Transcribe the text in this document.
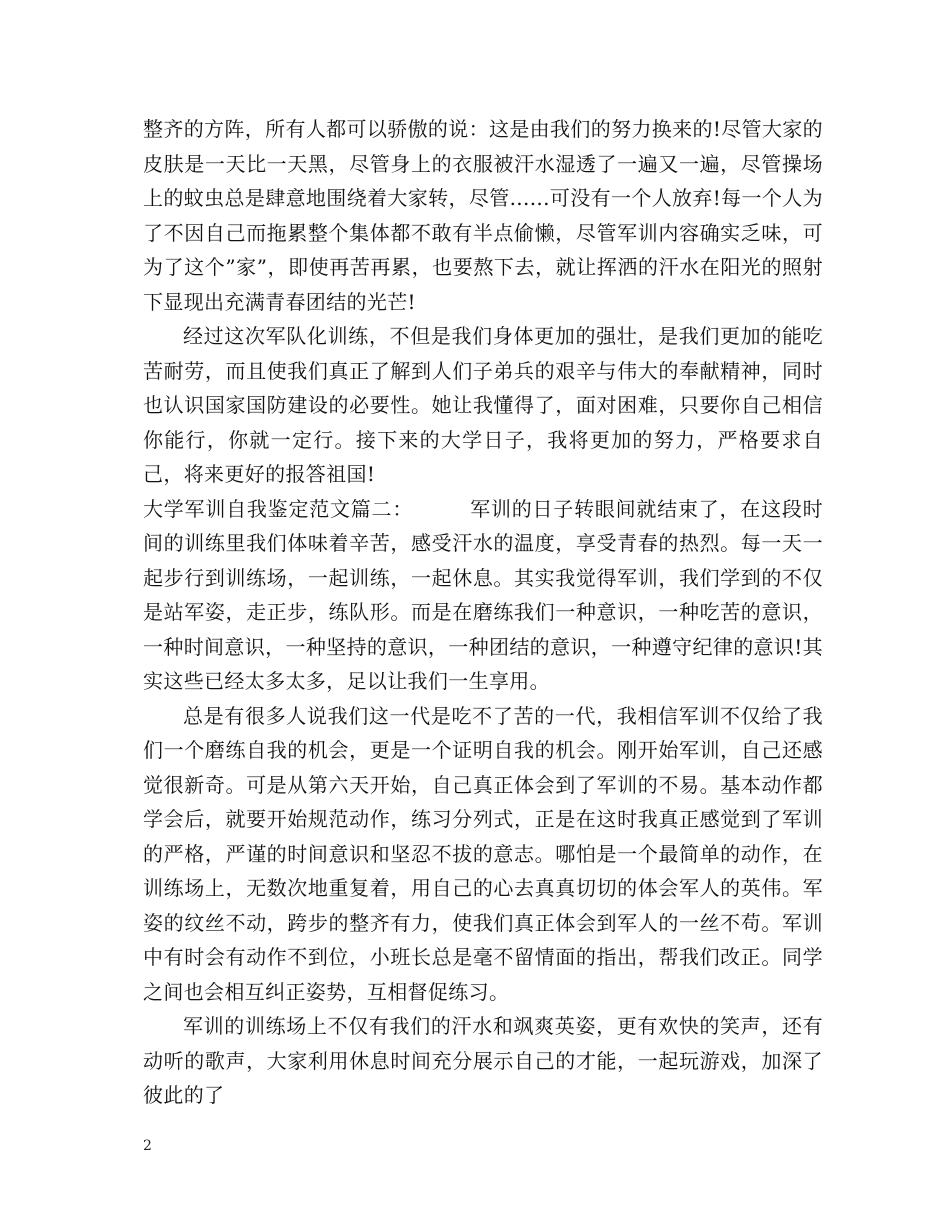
整齐的方阵，所有人都可以骄傲的说：这是由我们的努力换来的!尽管大家的皮肤是一天比一天黑，尽管身上的衣服被汗水湿透了一遍又一遍，尽管操场上的蚊虫总是肆意地围绕着大家转，尽管......可没有一个人放弃!每一个人为了不因自己而拖累整个集体都不敢有半点偷懒，尽管军训内容确实乏味，可为了这个”家”，即使再苦再累，也要熬下去，就让挥洒的汗水在阳光的照射下显现出充满青春团结的光芒!

经过这次军队化训练，不但是我们身体更加的强壮，是我们更加的能吃苦耐劳，而且使我们真正了解到人们子弟兵的艰辛与伟大的奉献精神，同时也认识国家国防建设的必要性。她让我懂得了，面对困难，只要你自己相信你能行，你就一定行。接下来的大学日子，我将更加的努力，严格要求自己，将来更好的报答祖国!

大学军训自我鉴定范文篇二：	军训的日子转眼间就结束了，在这段时间的训练里我们体味着辛苦，感受汗水的温度，享受青春的热烈。每一天一起步行到训练场，一起训练，一起休息。其实我觉得军训，我们学到的不仅是站军姿，走正步，练队形。而是在磨练我们一种意识，一种吃苦的意识，一种时间意识，一种坚持的意识，一种团结的意识，一种遵守纪律的意识!其实这些已经太多太多，足以让我们一生享用。

总是有很多人说我们这一代是吃不了苦的一代，我相信军训不仅给了我们一个磨练自我的机会，更是一个证明自我的机会。刚开始军训，自己还感觉很新奇。可是从第六天开始，自己真正体会到了军训的不易。基本动作都学会后，就要开始规范动作，练习分列式，正是在这时我真正感觉到了军训的严格，严谨的时间意识和坚忍不拔的意志。哪怕是一个最简单的动作，在训练场上，无数次地重复着，用自己的心去真真切切的体会军人的英伟。军姿的纹丝不动，跨步的整齐有力，使我们真正体会到军人的一丝不苟。军训中有时会有动作不到位，小班长总是毫不留情面的指出，帮我们改正。同学之间也会相互纠正姿势，互相督促练习。

军训的训练场上不仅有我们的汗水和飒爽英姿，更有欢快的笑声，还有动听的歌声，大家利用休息时间充分展示自己的才能，一起玩游戏，加深了彼此的了

2
